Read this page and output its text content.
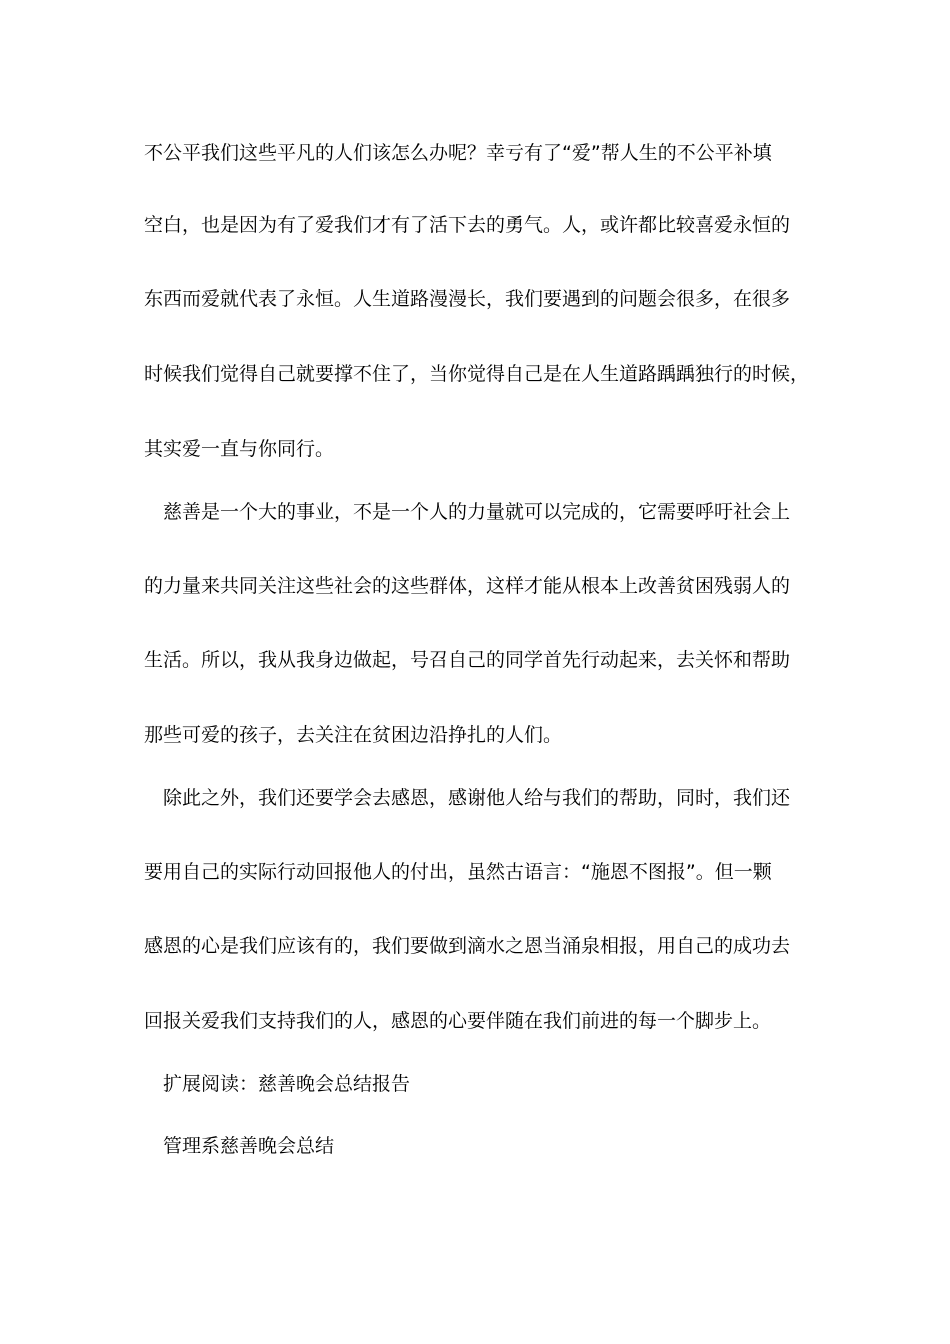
不公平我们这些平凡的人们该怎么办呢？幸亏有了“爱”帮人生的不公平补填
空白，也是因为有了爱我们才有了活下去的勇气。人，或许都比较喜爱永恒的
东西而爱就代表了永恒。人生道路漫漫长，我们要遇到的问题会很多，在很多
时候我们觉得自己就要撑不住了，当你觉得自己是在人生道路踽踽独行的时候，
其实爱一直与你同行。
慈善是一个大的事业，不是一个人的力量就可以完成的，它需要呼吁社会上
的力量来共同关注这些社会的这些群体，这样才能从根本上改善贫困残弱人的
生活。所以，我从我身边做起，号召自己的同学首先行动起来，去关怀和帮助
那些可爱的孩子，去关注在贫困边沿挣扎的人们。
除此之外，我们还要学会去感恩，感谢他人给与我们的帮助，同时，我们还
要用自己的实际行动回报他人的付出，虽然古语言：“施恩不图报”。但一颗
感恩的心是我们应该有的，我们要做到滴水之恩当涌泉相报，用自己的成功去
回报关爱我们支持我们的人，感恩的心要伴随在我们前进的每一个脚步上。
扩展阅读：慈善晚会总结报告
管理系慈善晚会总结
